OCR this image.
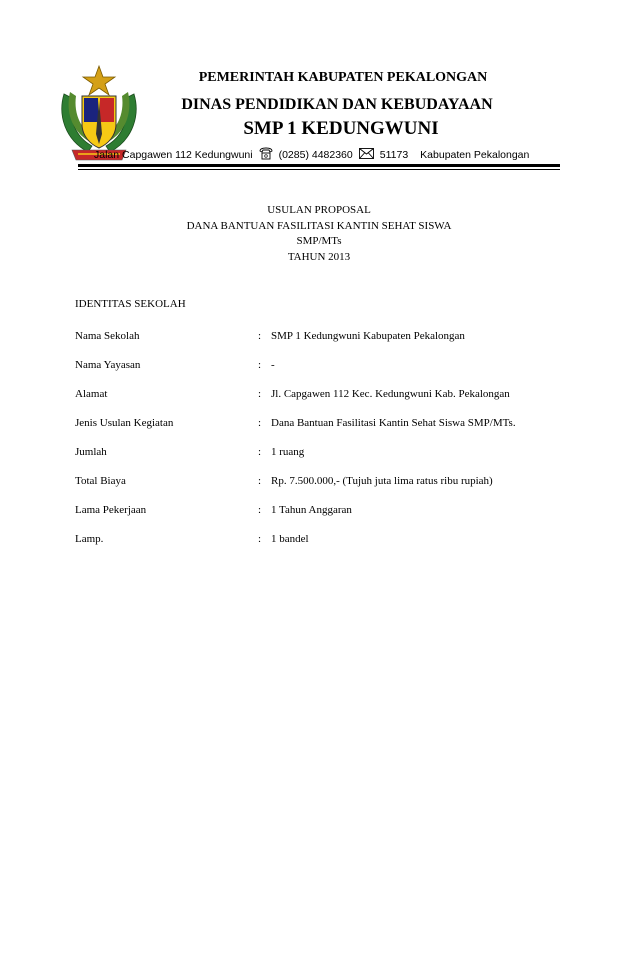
PEMERINTAH KABUPATEN PEKALONGAN
DINAS PENDIDIKAN DAN KEBUDAYAAN
SMP 1 KEDUNGWUNI
Jalan Capgawen 112 Kedungwuni (0285) 4482360	51173 Kabupaten Pekalongan
USULAN PROPOSAL
DANA BANTUAN FASILITASI KANTIN SEHAT SISWA
SMP/MTs
TAHUN 2013
IDENTITAS SEKOLAH
Nama Sekolah	: SMP 1 Kedungwuni Kabupaten Pekalongan
Nama Yayasan	: -
Alamat	: Jl. Capgawen 112 Kec. Kedungwuni Kab. Pekalongan
Jenis Usulan Kegiatan	: Dana Bantuan Fasilitasi Kantin Sehat Siswa SMP/MTs.
Jumlah	: 1 ruang
Total Biaya	: Rp. 7.500.000,- (Tujuh juta lima ratus ribu rupiah)
Lama Pekerjaan	: 1 Tahun Anggaran
Lamp.	: 1 bandel
